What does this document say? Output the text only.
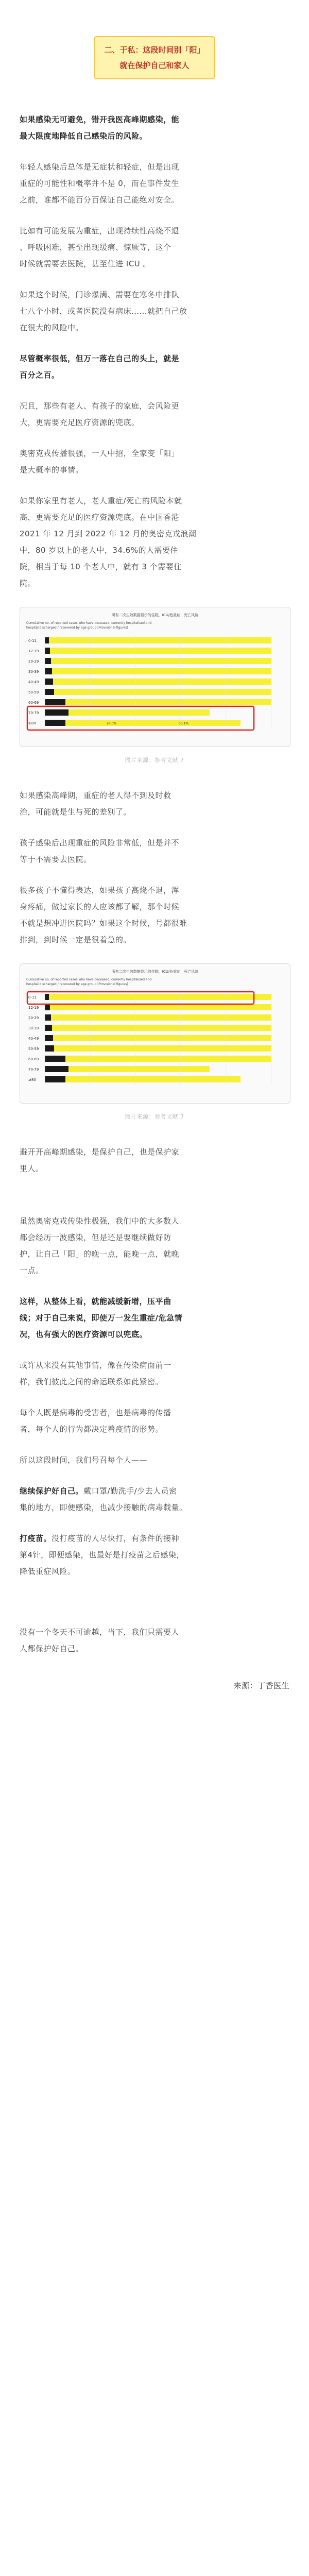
二、于私：这段时间别「阳」
就在保护自己和家人

如果感染无可避免，错开我医高峰期感染，能
最大限度地降低自己感染后的风险。

年轻人感染后总体是无症状和轻症，但是出现
重症的可能性和概率并不是 0，而在事件发生
之前，谁都不能百分百保证自己能绝对安全。

比如有可能发展为重症，出现持续性高烧不退
、呼吸困难，甚至出现缓痛、惊厥等，这个
时候就需要去医院，甚至住进 ICU 。

如果这个时候，门诊爆满、需要在寒冬中排队
七八个小时，或者医院没有病床……就把自己放
在很大的风险中。

尽管概率很低，但万一落在自己的头上，就是
百分之百。

况且，那些有老人、有孩子的家庭，会风险更
大，更需要充足医疗资源的兜底。

奥密克戎传播很强，一人中招，全家变「阳」
是大概率的事情。

如果你家里有老人，老人重症/死亡的风险本就
高，更需要充足的医疗资源兜底。在中国香港
2021 年 12 月到 2022 年 12 月的奥密克戎浪潮
中，80 岁以上的老人中，34.6%的人需要住
院，相当于每 10 个老人中，就有 3 个需要住
院。

所有二次生效数据显示的住院，ICU/危重症，死亡风险
Cumulative no. of reported cases who have deceased, currently hospitalised and
hospital discharged / recovered by age group [Provisional figures]
0-11
12-19
20-29
30-39
40-49
50-59
60-69
70-79
≥80	7.9%	26.0%	53.1%

图片来源：参考文献 7

如果感染高峰期，重症的老人得不到及时救
治，可能就是生与死的差别了。

孩子感染后出现重症的风险非常低，但是并不
等于不需要去医院。

很多孩子不懂得表达，如果孩子高烧不退，浑
身疼痛，做过家长的人应该都了解，那个时候
不就是想冲进医院吗？如果这个时候，号都很难
排到，到时候一定是很着急的。

所有二次生效数据显示的住院，ICU/危重症，死亡风险
Cumulative no. of reported cases who have deceased, currently hospitalised and
hospital discharged / recovered by age group [Provisional figures]
0-11
12-19
20-29
30-39
40-49
50-59
60-69
70-79
≥80

图片来源：参考文献 7

避开开高峰期感染，是保护自己，也是保护家
里人。

虽然奥密克戎传染性极强，我们中的大多数人
都会经历一波感染，但是还是要继续做好防
护，让自己「阳」的晚一点，能晚一点，就晚
一点。

这样，从整体上看，就能减缓新增，压平曲
线；对于自己来说，即使万一发生重症/危急情
况，也有强大的医疗资源可以兜底。

或许从来没有其他事情，像在传染病面前一
样，我们彼此之间的命运联系如此紧密。

每个人既是病毒的受害者，也是病毒的传播
者，每个人的行为都决定着疫情的形势。

所以这段时间，我们号召每个人——

继续保护好自己。戴口罩/勤洗手/少去人员密
集的地方，即便感染，也减少接触的病毒载量。

打疫苗。没打疫苗的人尽快打，有条件的接种
第4针，即便感染，也最好是打疫苗之后感染，
降低重症风险。

没有一个冬天不可逾越，当下，我们只需要人
人都保护好自己。

来源：丁香医生
